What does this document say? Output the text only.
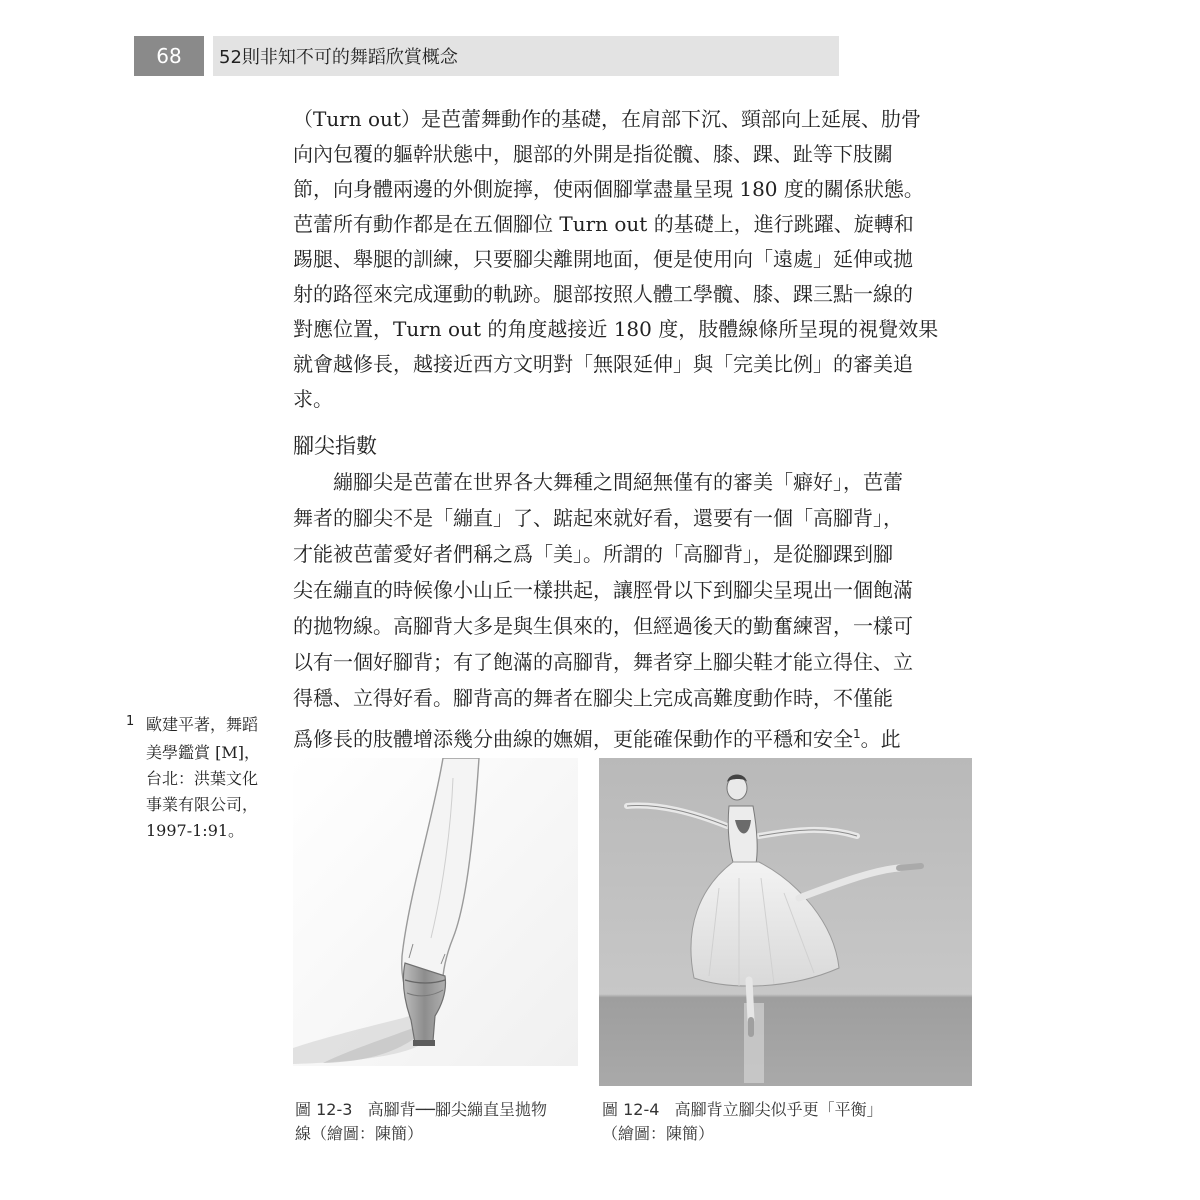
68	52則非知不可的舞蹈欣賞概念
（Turn out）是芭蕾舞動作的基礎，在肩部下沉、頸部向上延展、肋骨
向內包覆的軀幹狀態中，腿部的外開是指從髖、膝、踝、趾等下肢關
節，向身體兩邊的外側旋擰，使兩個腳掌盡量呈現 180 度的關係狀態。
芭蕾所有動作都是在五個腳位 Turn out 的基礎上，進行跳躍、旋轉和
踢腿、舉腿的訓練，只要腳尖離開地面，便是使用向「遠處」延伸或拋
射的路徑來完成運動的軌跡。腿部按照人體工學髖、膝、踝三點一線的
對應位置，Turn out 的角度越接近 180 度，肢體線條所呈現的視覺效果
就會越修長，越接近西方文明對「無限延伸」與「完美比例」的審美追
求。
腳尖指數
　　繃腳尖是芭蕾在世界各大舞種之間絕無僅有的審美「癖好」，芭蕾
舞者的腳尖不是「繃直」了、踮起來就好看，還要有一個「高腳背」，
才能被芭蕾愛好者們稱之爲「美」。所謂的「高腳背」，是從腳踝到腳
尖在繃直的時候像小山丘一樣拱起，讓脛骨以下到腳尖呈現出一個飽滿
的拋物線。高腳背大多是與生俱來的，但經過後天的勤奮練習，一樣可
以有一個好腳背；有了飽滿的高腳背，舞者穿上腳尖鞋才能立得住、立
得穩、立得好看。腳背高的舞者在腳尖上完成高難度動作時，不僅能
爲修長的肢體增添幾分曲線的嫵媚，更能確保動作的平穩和安全$^1$。此
1 歐建平著，舞蹈
美學鑑賞 [M]，
台北：洪葉文化
事業有限公司，
1997-1:91。
圖 12-3 高腳背──腳尖繃直呈拋物
線（繪圖：陳簡）
圖 12-4 高腳背立腳尖似乎更「平衡」
（繪圖：陳簡）
